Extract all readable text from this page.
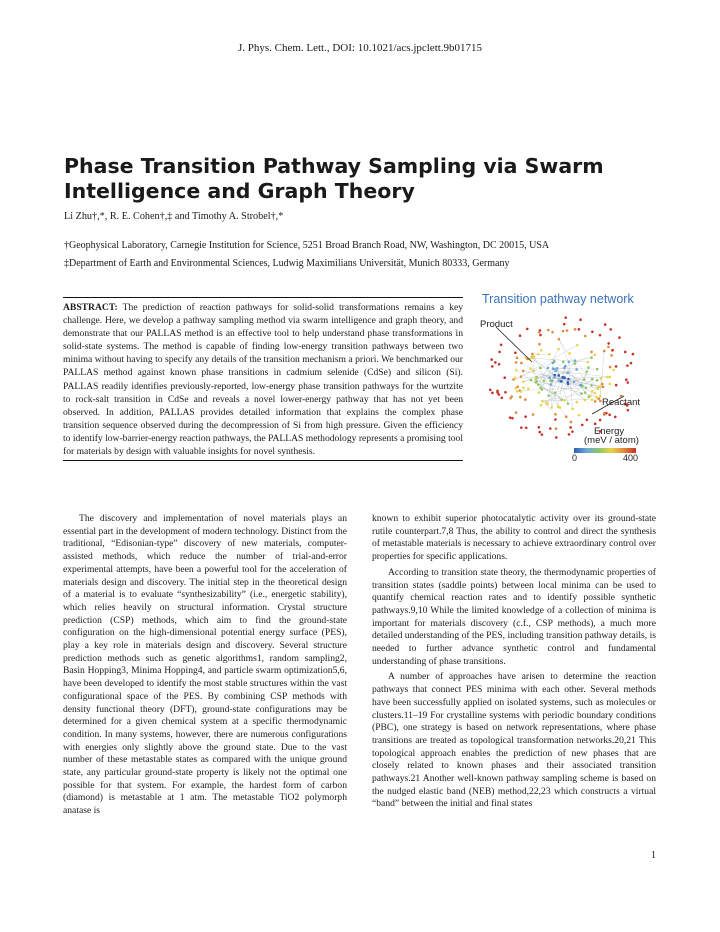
J. Phys. Chem. Lett., DOI: 10.1021/acs.jpclett.9b01715
Phase Transition Pathway Sampling via Swarm Intelligence and Graph Theory
Li Zhu†,*, R. E. Cohen†,‡ and Timothy A. Strobel†,*
†Geophysical Laboratory, Carnegie Institution for Science, 5251 Broad Branch Road, NW, Washington, DC 20015, USA
‡Department of Earth and Environmental Sciences, Ludwig Maximilians Universität, Munich 80333, Germany
ABSTRACT: The prediction of reaction pathways for solid-solid transformations remains a key challenge. Here, we develop a pathway sampling method via swarm intelligence and graph theory, and demonstrate that our PALLAS method is an effective tool to help understand phase transformations in solid-state systems. The method is capable of finding low-energy transition pathways between two minima without having to specify any details of the transition mechanism a priori. We benchmarked our PALLAS method against known phase transitions in cadmium selenide (CdSe) and silicon (Si). PALLAS readily identifies previously-reported, low-energy phase transition pathways for the wurtzite to rock-salt transition in CdSe and reveals a novel lower-energy pathway that has not yet been observed. In addition, PALLAS provides detailed information that explains the complex phase transition sequence observed during the decompression of Si from high pressure. Given the efficiency to identify low-barrier-energy reaction pathways, the PALLAS methodology represents a promising tool for materials by design with valuable insights for novel synthesis.
Transition pathway network
Product
Reactant
Energy
(meV / atom)
0	400

The discovery and implementation of novel materials plays an essential part in the development of modern technology. Distinct from the traditional, “Edisonian-type” discovery of new materials, computer-assisted methods, which reduce the number of trial-and-error experimental attempts, have been a powerful tool for the acceleration of materials design and discovery. The initial step in the theoretical design of a material is to evaluate “synthesizability” (i.e., energetic stability), which relies heavily on structural information. Crystal structure prediction (CSP) methods, which aim to find the ground-state configuration on the high-dimensional potential energy surface (PES), play a key role in materials design and discovery. Several structure prediction methods such as genetic algorithms1, random sampling2, Basin Hopping3, Minima Hopping4, and particle swarm optimization5,6, have been developed to identify the most stable structures within the vast configurational space of the PES. By combining CSP methods with density functional theory (DFT), ground-state configurations may be determined for a given chemical system at a specific thermodynamic condition. In many systems, however, there are numerous configurations with energies only slightly above the ground state. Due to the vast number of these metastable states as compared with the unique ground state, any particular ground-state property is likely not the optimal one possible for that system. For example, the hardest form of carbon (diamond) is metastable at 1 atm. The metastable TiO2 polymorph anatase is

known to exhibit superior photocatalytic activity over its ground-state rutile counterpart.7,8 Thus, the ability to control and direct the synthesis of metastable materials is necessary to achieve extraordinary control over properties for specific applications.

According to transition state theory, the thermodynamic properties of transition states (saddle points) between local minima can be used to quantify chemical reaction rates and to identify possible synthetic pathways.9,10 While the limited knowledge of a collection of minima is important for materials discovery (c.f., CSP methods), a much more detailed understanding of the PES, including transition pathway details, is needed to further advance synthetic control and fundamental understanding of phase transitions.

A number of approaches have arisen to determine the reaction pathways that connect PES minima with each other. Several methods have been successfully applied on isolated systems, such as molecules or clusters.11–19 For crystalline systems with periodic boundary conditions (PBC), one strategy is based on network representations, where phase transitions are treated as topological transformation networks.20,21 This topological approach enables the prediction of new phases that are closely related to known phases and their associated transition pathways.21 Another well-known pathway sampling scheme is based on the nudged elastic band (NEB) method,22,23 which constructs a virtual “band” between the initial and final states

1
